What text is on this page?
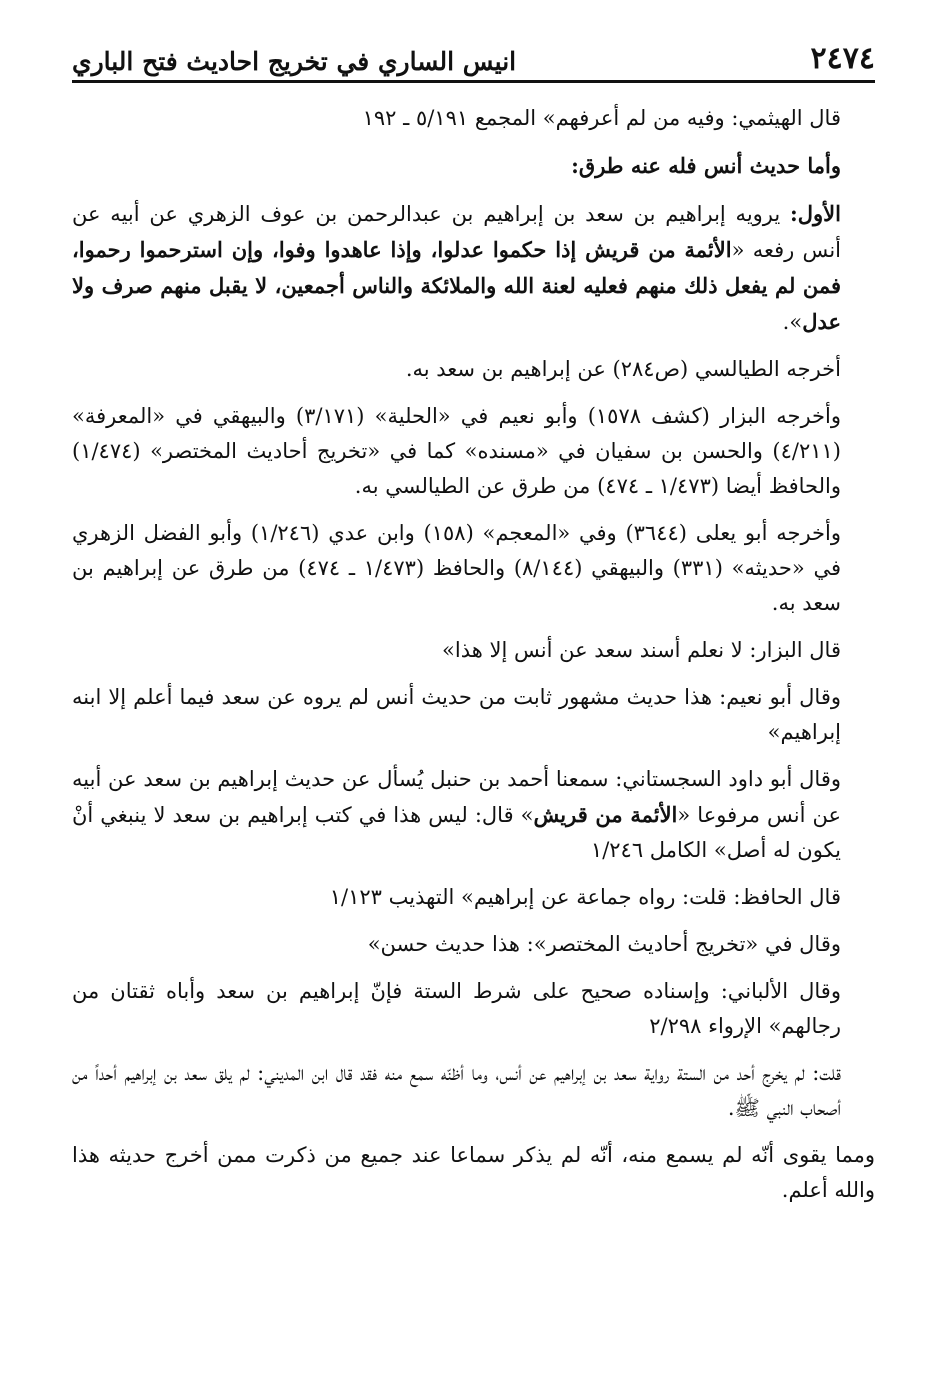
٢٤٧٤
انيس الساري في تخريج احاديث فتح الباري

قال الهيثمي: وفيه من لم أعرفهم» المجمع ٥/١٩١ ـ ١٩٢

وأما حديث أنس فله عنه طرق:

الأول: يرويه إبراهيم بن سعد بن إبراهيم بن عبدالرحمن بن عوف الزهري عن أبيه عن أنس رفعه «الأئمة من قريش إذا حكموا عدلوا، وإذا عاهدوا وفوا، وإن استرحموا رحموا، فمن لم يفعل ذلك منهم فعليه لعنة الله والملائكة والناس أجمعين، لا يقبل منهم صرف ولا عدل».

أخرجه الطيالسي (ص٢٨٤) عن إبراهيم بن سعد به.

وأخرجه البزار (كشف ١٥٧٨) وأبو نعيم في «الحلية» (٣/١٧١) والبيهقي في «المعرفة» (٤/٢١١) والحسن بن سفيان في «مسنده» كما في «تخريج أحاديث المختصر» (١/٤٧٤) والحافظ أيضا (١/٤٧٣ ـ ٤٧٤) من طرق عن الطيالسي به.

وأخرجه أبو يعلى (٣٦٤٤) وفي «المعجم» (١٥٨) وابن عدي (١/٢٤٦) وأبو الفضل الزهري في «حديثه» (٣٣١) والبيهقي (٨/١٤٤) والحافظ (١/٤٧٣ ـ ٤٧٤) من طرق عن إبراهيم بن سعد به.

قال البزار: لا نعلم أسند سعد عن أنس إلا هذا»

وقال أبو نعيم: هذا حديث مشهور ثابت من حديث أنس لم يروه عن سعد فيما أعلم إلا ابنه إبراهيم»

وقال أبو داود السجستاني: سمعنا أحمد بن حنبل يُسأل عن حديث إبراهيم بن سعد عن أبيه عن أنس مرفوعا «الأئمة من قريش» قال: ليس هذا في كتب إبراهيم بن سعد لا ينبغي أنْ يكون له أصل» الكامل ١/٢٤٦

قال الحافظ: قلت: رواه جماعة عن إبراهيم» التهذيب ١/١٢٣

وقال في «تخريج أحاديث المختصر»: هذا حديث حسن»

وقال الألباني: وإسناده صحيح على شرط الستة فإنّ إبراهيم بن سعد وأباه ثقتان من رجالهم» الإرواء ٢/٢٩٨

قلت: لم يخرج أحد من الستة رواية سعد بن إبراهيم عن أنس، وما أظنّه سمع منه فقد قال ابن المديني: لم يلق سعد بن إبراهيم أحداً من أصحاب النبي ﷺ.

ومما يقوى أنّه لم يسمع منه، أنّه لم يذكر سماعا عند جميع من ذكرت ممن أخرج حديثه هذا والله أعلم.
